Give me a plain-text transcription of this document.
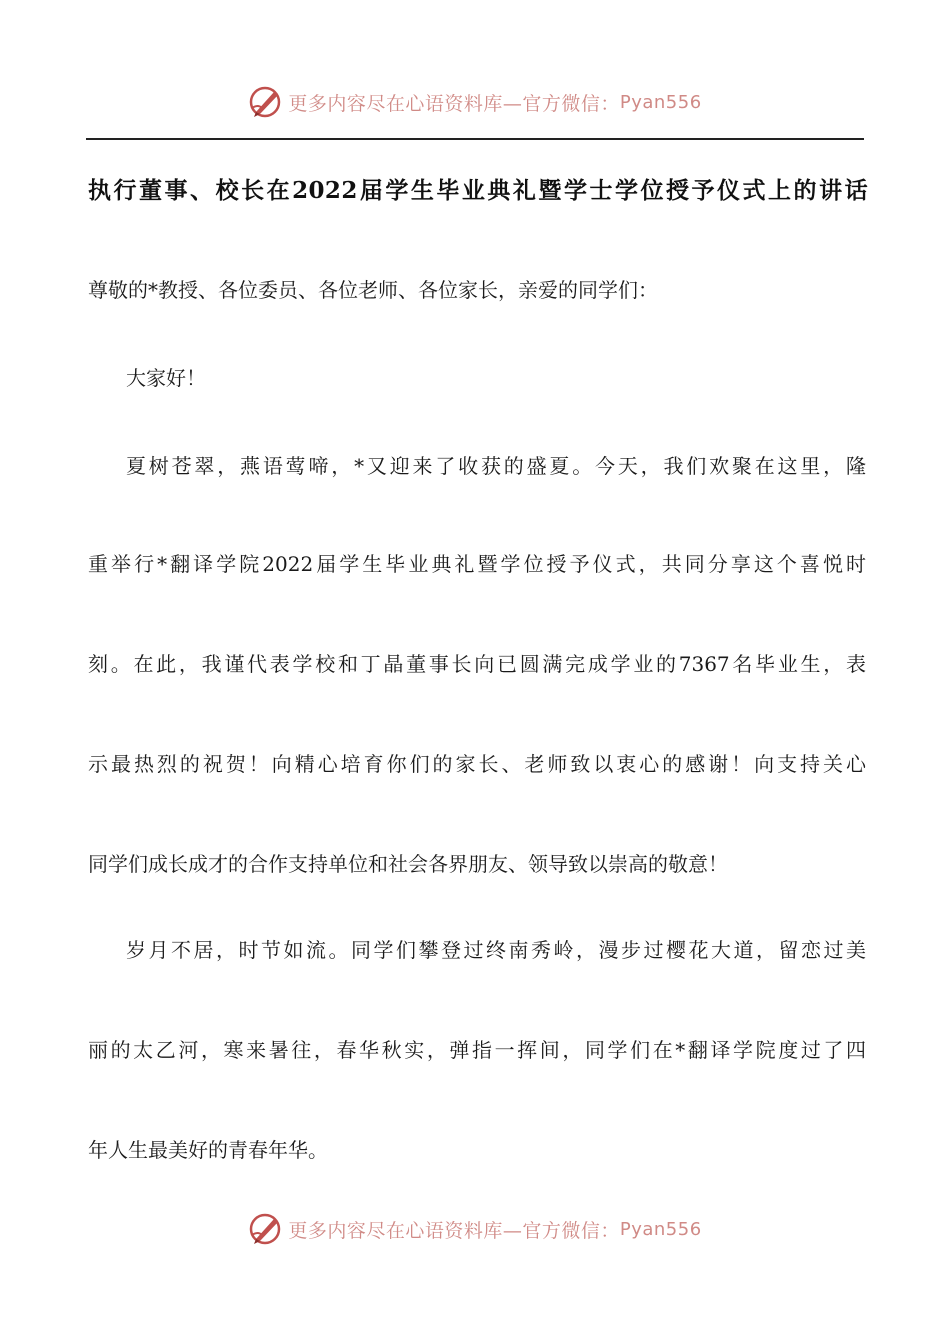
更多内容尽在心语资料库—官方微信： Pyan556
执行董事、校长在2022届学生毕业典礼暨学士学位授予仪式上的讲话
尊敬的*教授、各位委员、各位老师、各位家长，亲爱的同学们：
大家好！
夏树苍翠，燕语莺啼，*又迎来了收获的盛夏。今天，我们欢聚在这里，隆
重举行*翻译学院2022届学生毕业典礼暨学位授予仪式，共同分享这个喜悦时
刻。在此，我谨代表学校和丁晶董事长向已圆满完成学业的7367名毕业生，表
示最热烈的祝贺！向精心培育你们的家长、老师致以衷心的感谢！向支持关心
同学们成长成才的合作支持单位和社会各界朋友、领导致以崇高的敬意！
岁月不居，时节如流。同学们攀登过终南秀岭，漫步过樱花大道，留恋过美
丽的太乙河，寒来暑往，春华秋实，弹指一挥间，同学们在*翻译学院度过了四
年人生最美好的青春年华。
更多内容尽在心语资料库—官方微信： Pyan556
